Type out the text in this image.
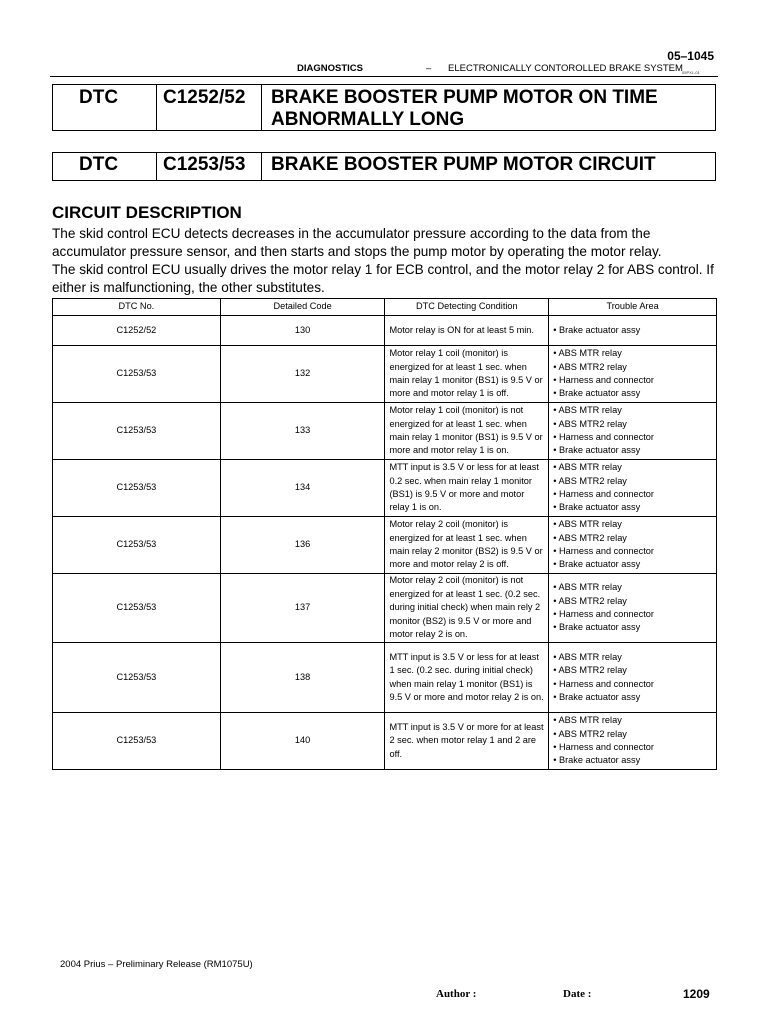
05–1045
DIAGNOSTICS	– ELECTRONICALLY CONTOROLLED BRAKE SYSTEM 05PXL-01
DTC	C1252/52	BRAKE BOOSTER PUMP MOTOR ON TIME ABNORMALLY LONG
DTC	C1253/53	BRAKE BOOSTER PUMP MOTOR CIRCUIT
CIRCUIT DESCRIPTION

The skid control ECU detects decreases in the accumulator pressure according to the data from the accumulator pressure sensor, and then starts and stops the pump motor by operating the motor relay.

The skid control ECU usually drives the motor relay 1 for ECB control, and the motor relay 2 for ABS control. If either is malfunctioning, the other substitutes.

DTC No.	Detailed Code	DTC Detecting Condition	Trouble Area
C1252/52	130	Motor relay is ON for at least 5 min.	• Brake actuator assy

C1253/53	132	Motor relay 1 coil (monitor) is energized for at least 1 sec. when main relay 1 monitor (BS1) is 9.5 V or more and motor relay 1 is off.	• ABS MTR relay
• ABS MTR2 relay
• Harness and connector
• Brake actuator assy

C1253/53	133	Motor relay 1 coil (monitor) is not energized for at least 1 sec. when main relay 1 monitor (BS1) is 9.5 V or more and motor relay 1 is on.	• ABS MTR relay
• ABS MTR2 relay
• Harness and connector
• Brake actuator assy

C1253/53	134	MTT input is 3.5 V or less for at least 0.2 sec. when main relay 1 monitor (BS1) is 9.5 V or more and motor relay 1 is on.	• ABS MTR relay
• ABS MTR2 relay
• Harness and connector
• Brake actuator assy

C1253/53	136	Motor relay 2 coil (monitor) is energized for at least 1 sec. when main relay 2 monitor (BS2) is 9.5 V or more and motor relay 2 is off.	• ABS MTR relay
• ABS MTR2 relay
• Harness and connector
• Brake actuator assy

C1253/53	137	Motor relay 2 coil (monitor) is not energized for at least 1 sec. (0.2 sec. during initial check) when main rely 2 monitor (BS2) is 9.5 V or more and motor relay 2 is on.	• ABS MTR relay
• ABS MTR2 relay
• Harness and connector
• Brake actuator assy

C1253/53	138	MTT input is 3.5 V or less for at least 1 sec. (0.2 sec. during initial check) when main relay 1 monitor (BS1) is 9.5 V or more and motor relay 2 is on.	• ABS MTR relay
• ABS MTR2 relay
• Harness and connector
• Brake actuator assy

C1253/53	140	MTT input is 3.5 V or more for at least 2 sec. when motor relay 1 and 2 are off.	• ABS MTR relay
• ABS MTR2 relay
• Harness and connector
• Brake actuator assy
2004 Prius – Preliminary Release (RM1075U)
Author :	Date :	1209
